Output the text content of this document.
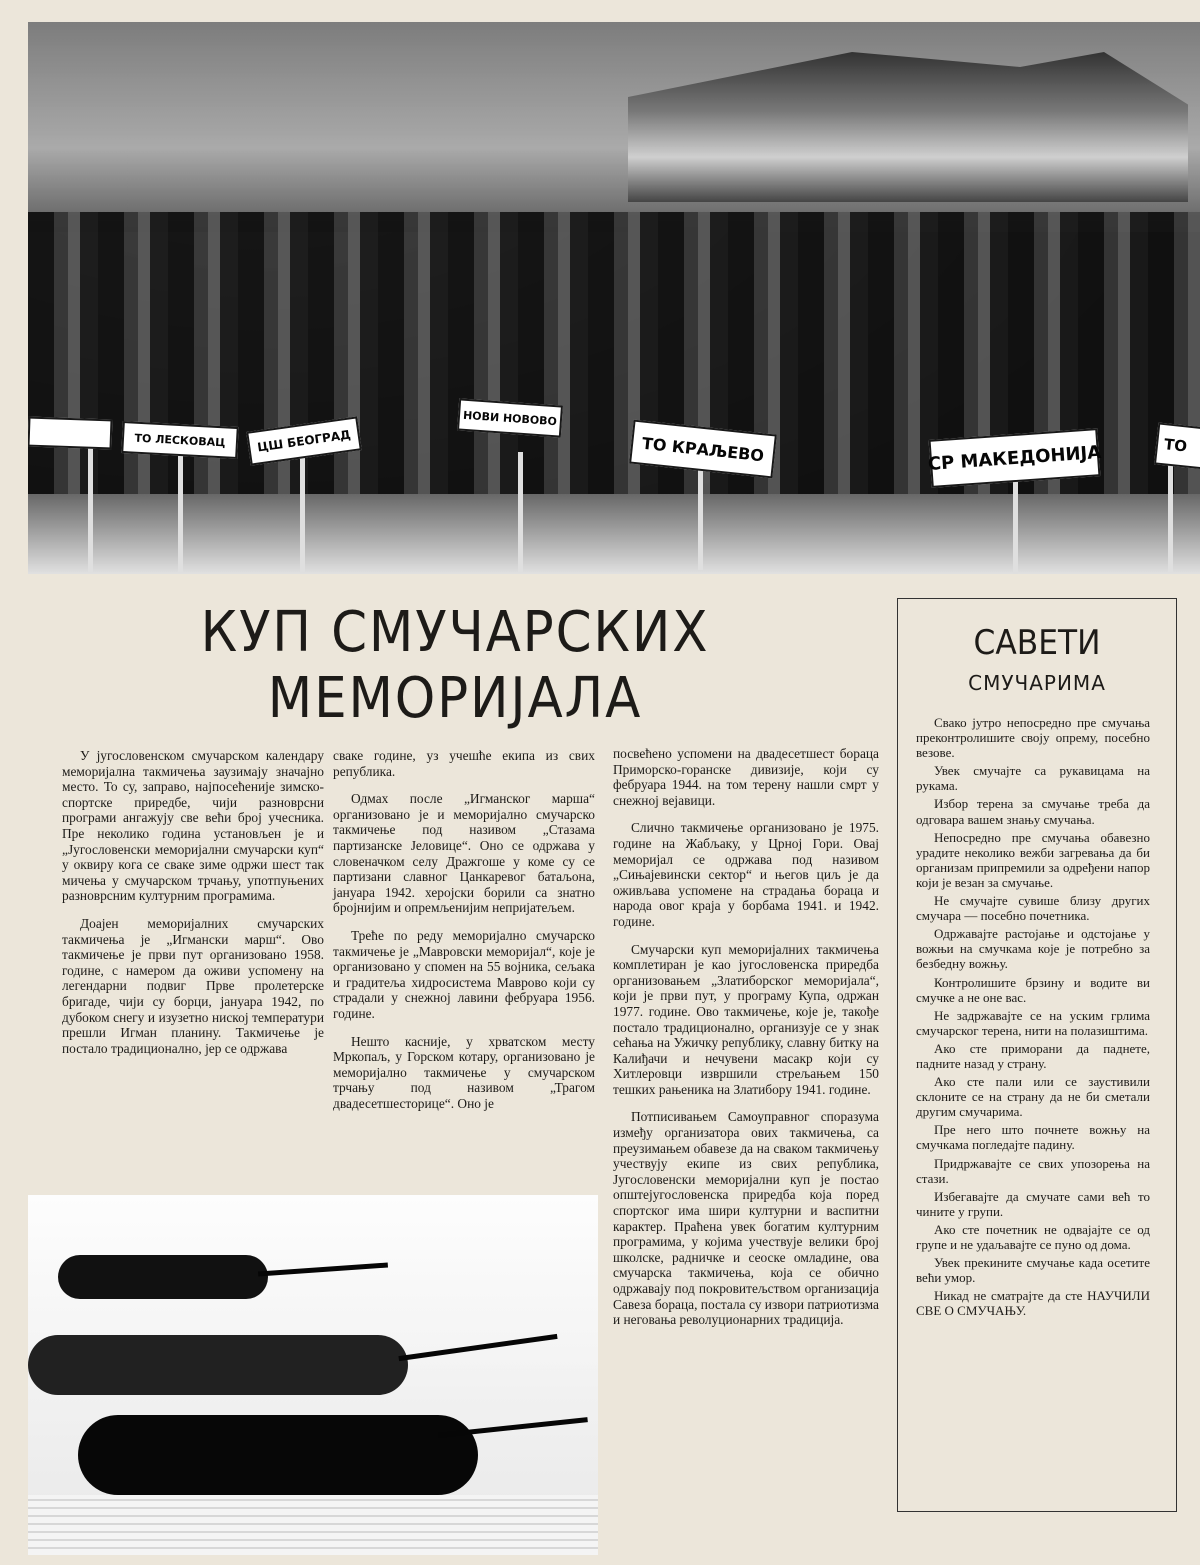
ТО ЛЕСКОВАЦ	ЦШ БЕОГРАД
НОВИ НОВОВО
ТО КРАЉЕВО	СР МАКЕДОНИЈА	ТО
КУП СМУЧАРСКИХ
МЕМОРИЈАЛА

У југословенском смучарском календару меморијална такмичења заузимају значајно место. То су, заправо, најпосећеније зимско-спортске приредбе, чији разноврсни програми ангажују све већи број учесника. Пре неколико година установљен је и „Југословенски меморијални смучарски куп“ у оквиру кога се сваке зиме одржи шест так мичења у смучарском трчању, употпуњених разноврсним културним програмима.

Доајен меморијалних смучарских такмичења је „Игмански марш“. Ово такмичење је први пут организовано 1958. године, с намером да оживи успомену на легендарни подвиг Прве пролетерске бригаде, чији су борци, јануара 1942, по дубоком снегу и изузетно ниској температури прешли Игман планину. Такмичење је постало традиционално, јер се одржава

сваке године, уз учешће екипа из свих република.

Одмах после „Игманског марша“ организовано је и меморијално смучарско такмичење под називом „Стазама партизанске Јеловице“. Оно се одржава у словеначком селу Дражгоше у коме су се партизани славног Цанкаревог батаљона, јануара 1942. херојски борили са знатно бројнијим и опремљенијим непријатељем.

Треће по реду меморијално смучарско такмичење је „Мавровски меморијал“, које је организовано у спомен на 55 војника, сељака и градитеља хидросистема Маврово који су страдали у снежној лавини фебруара 1956. године.

Нешто касније, у хрватском месту Мркопаљ, у Горском котару, организовано је меморијално такмичење у смучарском трчању под називом „Трагом двадесетшесторице“. Оно је

посвећено успомени на двадесетшест бораца Приморско-горанске дивизије, који су фебруара 1944. на том терену нашли смрт у снежној вејавици.

Слично такмичење организовано је 1975. године на Жабљаку, у Црној Гори. Овај меморијал се одржава под називом „Сињајевински сектор“ и његов циљ је да оживљава успомене на страдања бораца и народа овог краја у борбама 1941. и 1942. године.

Смучарски куп меморијалних такмичења комплетиран је као југословенска приредба организовањем „Златиборског меморијала“, који је први пут, у програму Купа, одржан 1977. године. Ово такмичење, које је, такође постало традиционално, организује се у знак сећања на Ужичку републику, славну битку на Калиђачи и нечувени масакр који су Хитлеровци извршили стрељањем 150 тешких рањеника на Златибору 1941. године.

Потписивањем Самоуправног споразума између организатора ових такмичења, са преузимањем обавезе да на сваком такмичењу учествују екипе из свих република, Југословенски меморијални куп је постао општејугословенска приредба која поред спортског има шири културни и васпитни карактер. Праћена увек богатим културним програмима, у којима учествује велики број школске, радничке и сеоске омладине, ова смучарска такмичења, која се обично одржавају под покровитељством организација Савеза бораца, постала су извори патриотизма и неговања револуционарних традиција.

САВЕТИ
СМУЧАРИМА

Свако јутро непосредно пре смучања преконтролишите своју опрему, посебно везове.

Увек смучајте са рукавицама на рукама.

Избор терена за смучање треба да одговара вашем знању смучања.

Непосредно пре смучања обавезно урадите неколико вежби загревања да би организам припремили за одређени напор који је везан за смучање.

Не смучајте сувише близу других смучара — посебно почетника.

Одржавајте растојање и одстојање у вожњи на смучкама које је потребно за безбедну вожњу.

Контролишите брзину и водите ви смучке а не оне вас.

Не задржавајте се на уским грлима смучарског терена, нити на полазиштима.

Ако сте приморани да паднете, падните назад у страну.

Ако сте пали или се заустивили склоните се на страну да не би сметали другим смучарима.

Пре него што почнете вожњу на смучкама погледајте падину.

Придржавајте се свих упозорења на стази.

Избегавајте да смучате сами већ то чините у групи.

Ако сте почетник не одвајајте се од групе и не удаљавајте се пуно од дома.

Увек прекините смучање када осетите већи умор.

Никад не сматрајте да сте НАУЧИЛИ СВЕ О СМУЧАЊУ.
